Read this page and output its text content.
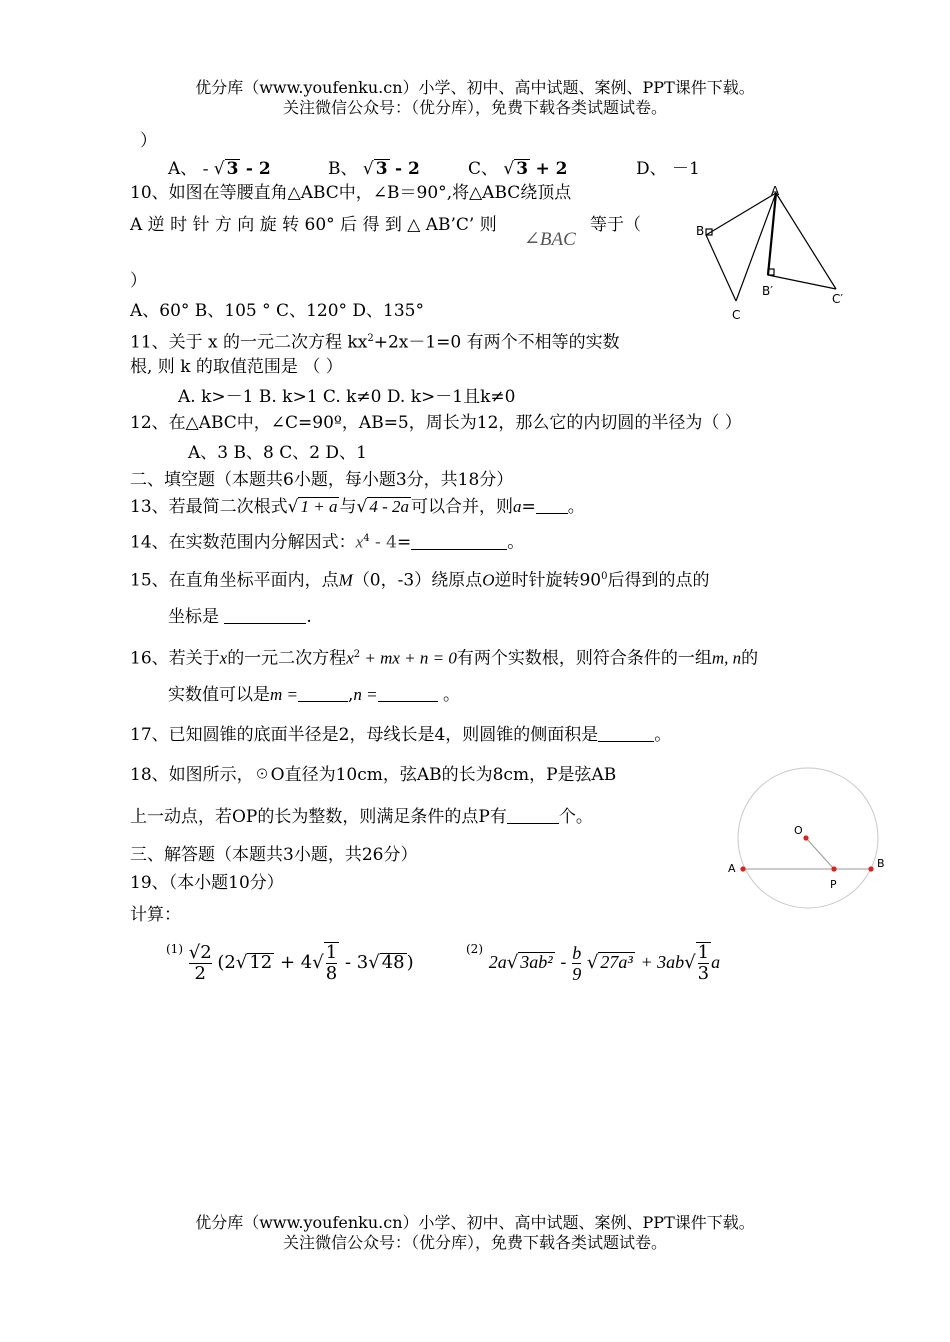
优分库（www.youfenku.cn）小学、初中、高中试题、案例、PPT课件下载。
关注微信公众号：（优分库），免费下载各类试题试卷。
）
A、 - √ 3 - 2	B、 √ 3 - 2	C、 √ 3 + 2	D、 －1
10、如图在等腰直角△ABC中，∠B＝90°,将△ABC绕顶点
A 逆 时 针 方 向 旋 转 60° 后 得 到 △ AB’C’ 则
∠BAC
等于（
）
A、60° B、105 ° C、120° D、135°
B
A
C
B′
C′
11、关于 x 的一元二次方程 $kx^2+2x-1=0$ 有两个不相等的实数
根, 则 k 的取值范围是 （ ）
A. k>－1 B. k>1 C. k≠0 D. k>－1且k≠0
12、在△ABC中，∠C=90º，AB=5，周长为12，那么它的内切圆的半径为（ ）
A、3 B、8 C、2 D、1
二、填空题（本题共6小题，每小题3分，共18分）
13、若最简二次根式√ 1 + a 与√ 4 - 2a 可以合并，则a= 。
14、在实数范围内分解因式：$x^4 - 4=$	。
15、在直角坐标平面内，点M（0，-3）绕原点O逆时针旋转$90^0$后得到的点的
坐标是	.
16、若关于x的一元二次方程$x^2$ + mx + n = 0有两个实数根，则符合条件的一组m, n的
实数值可以是m =	,n =	。
17、已知圆锥的底面半径是2，母线长是4，则圆锥的侧面积是	。
18、如图所示，☉O直径为10cm，弦AB的长为8cm，P是弦AB
上一动点，若OP的长为整数，则满足条件的点P有	个。
O
A	B
P
三、解答题（本题共3小题，共26分）
19、（本小题10分）
计算：
$^{(1)} \frac{√2}{2} (2√$ $12 + 4√ \frac{1}{8} - 3√$ 48 )
$^{(2)}$ 2a√ $3ab^2 - \frac{b}{9}$ √ $27a^3 + 3ab√ \frac{1}{3}$ a
优分库（www.youfenku.cn）小学、初中、高中试题、案例、PPT课件下载。
关注微信公众号：（优分库），免费下载各类试题试卷。
